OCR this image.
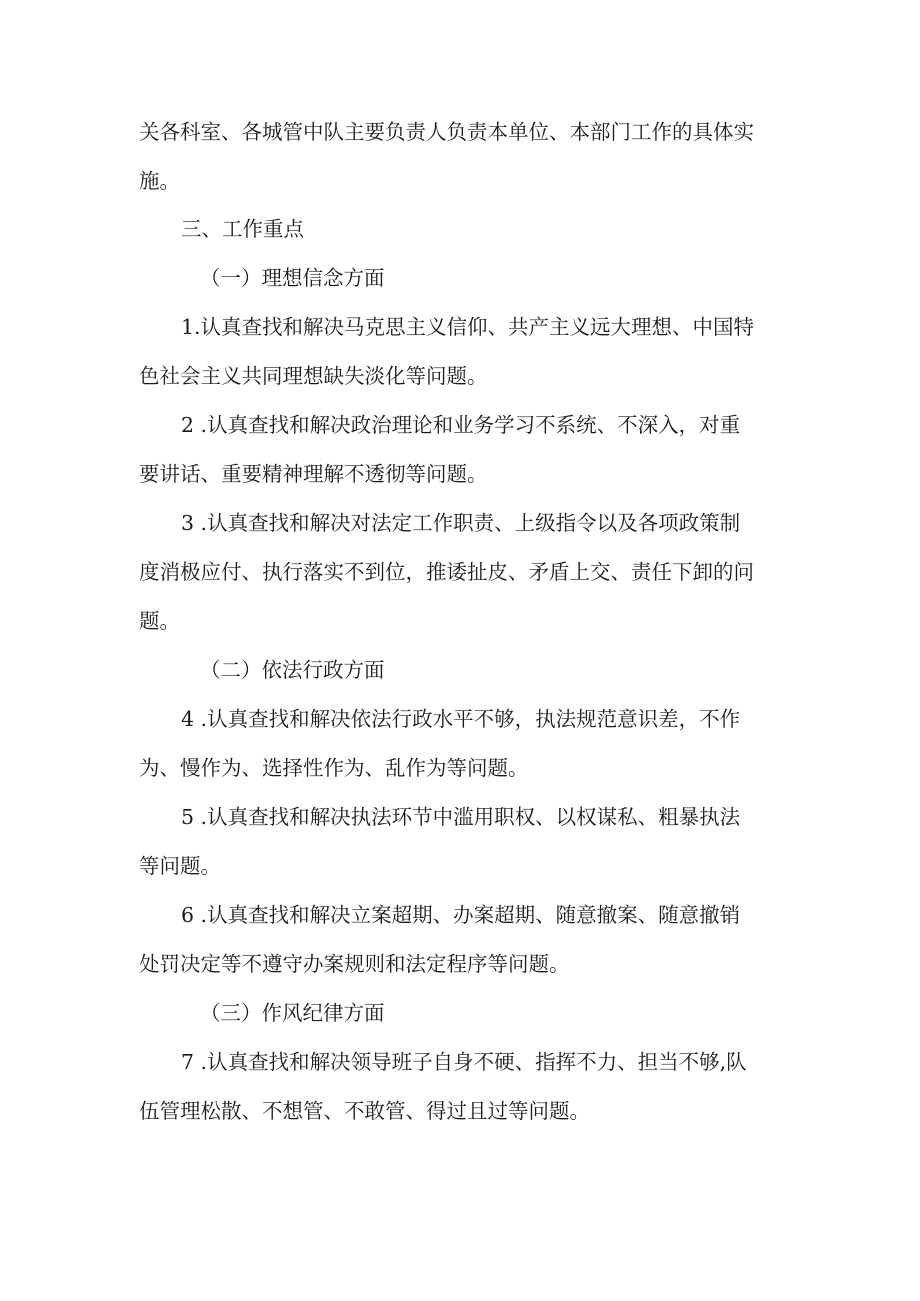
关各科室、各城管中队主要负责人负责本单位、本部门工作的具体实
施。
三、工作重点
（一）理想信念方面
1.认真查找和解决马克思主义信仰、共产主义远大理想、中国特
色社会主义共同理想缺失淡化等问题。
2 .认真查找和解决政治理论和业务学习不系统、不深入，对重
要讲话、重要精神理解不透彻等问题。
3 .认真查找和解决对法定工作职责、上级指令以及各项政策制
度消极应付、执行落实不到位，推诿扯皮、矛盾上交、责任下卸的问
题。
（二）依法行政方面
4 .认真查找和解决依法行政水平不够，执法规范意识差，不作
为、慢作为、选择性作为、乱作为等问题。
5 .认真查找和解决执法环节中滥用职权、以权谋私、粗暴执法
等问题。
6 .认真查找和解决立案超期、办案超期、随意撤案、随意撤销
处罚决定等不遵守办案规则和法定程序等问题。
（三）作风纪律方面
7 .认真查找和解决领导班子自身不硬、指挥不力、担当不够,队
伍管理松散、不想管、不敢管、得过且过等问题。
